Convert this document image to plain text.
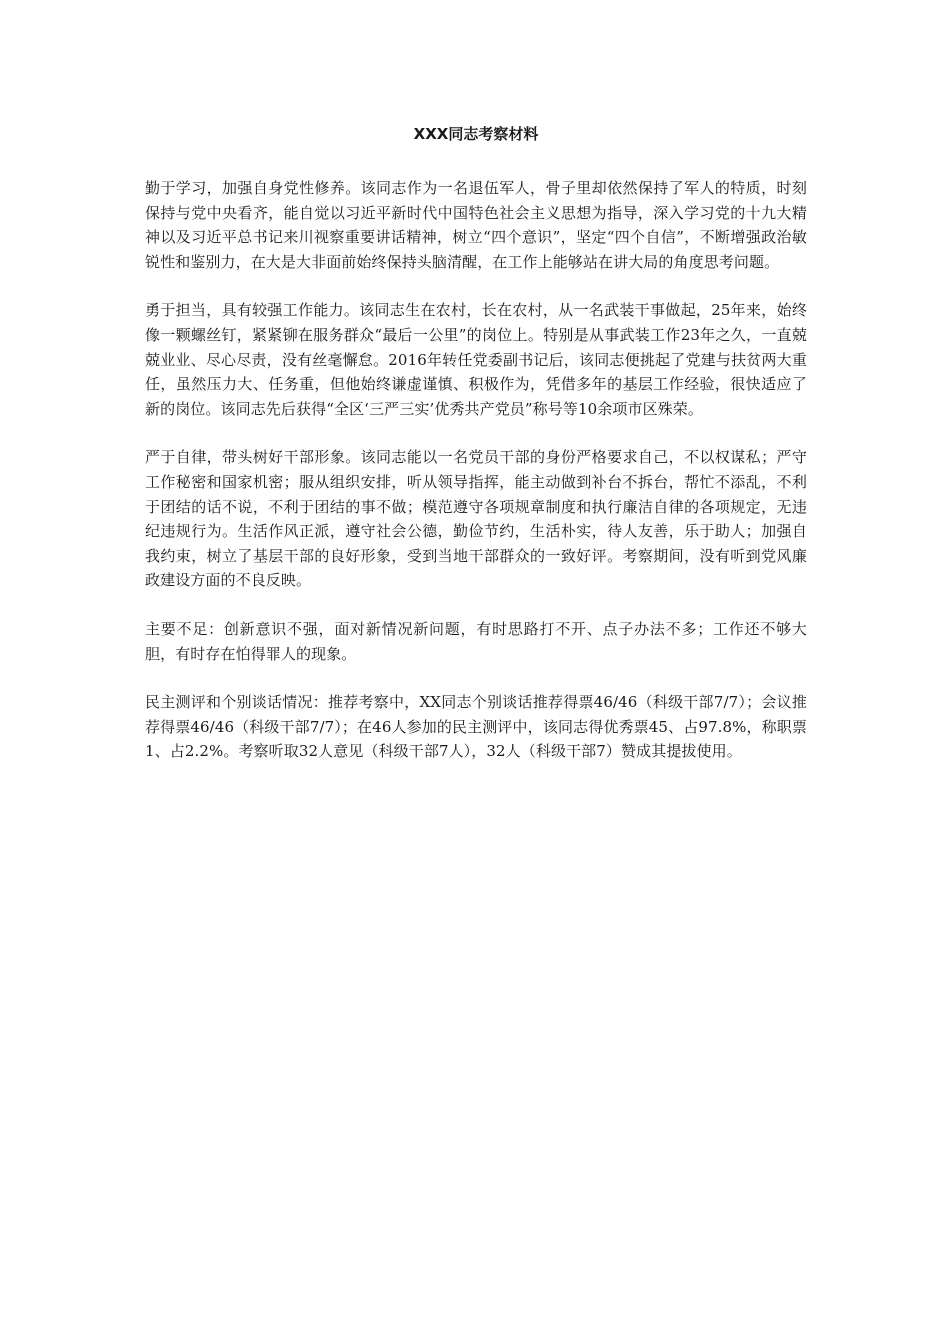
XXX同志考察材料

勤于学习，加强自身党性修养。该同志作为一名退伍军人，骨子里却依然保持了军人的特质，时刻保持与党中央看齐，能自觉以习近平新时代中国特色社会主义思想为指导，深入学习党的十九大精神以及习近平总书记来川视察重要讲话精神，树立“四个意识”，坚定“四个自信”，不断增强政治敏锐性和鉴别力，在大是大非面前始终保持头脑清醒，在工作上能够站在讲大局的角度思考问题。

勇于担当，具有较强工作能力。该同志生在农村，长在农村，从一名武装干事做起，25年来，始终像一颗螺丝钉，紧紧铆在服务群众“最后一公里”的岗位上。特别是从事武装工作23年之久，一直兢兢业业、尽心尽责，没有丝毫懈怠。2016年转任党委副书记后，该同志便挑起了党建与扶贫两大重任，虽然压力大、任务重，但他始终谦虚谨慎、积极作为，凭借多年的基层工作经验，很快适应了新的岗位。该同志先后获得“全区‘三严三实’优秀共产党员”称号等10余项市区殊荣。

严于自律，带头树好干部形象。该同志能以一名党员干部的身份严格要求自己，不以权谋私；严守工作秘密和国家机密；服从组织安排，听从领导指挥，能主动做到补台不拆台，帮忙不添乱，不利于团结的话不说，不利于团结的事不做；模范遵守各项规章制度和执行廉洁自律的各项规定，无违纪违规行为。生活作风正派，遵守社会公德，勤俭节约，生活朴实，待人友善，乐于助人；加强自我约束，树立了基层干部的良好形象，受到当地干部群众的一致好评。考察期间，没有听到党风廉政建设方面的不良反映。

主要不足：创新意识不强，面对新情况新问题，有时思路打不开、点子办法不多；工作还不够大胆，有时存在怕得罪人的现象。

民主测评和个别谈话情况：推荐考察中，XX同志个别谈话推荐得票46/46（科级干部7/7）；会议推荐得票46/46（科级干部7/7）；在46人参加的民主测评中，该同志得优秀票45、占97.8%，称职票1、占2.2%。考察听取32人意见（科级干部7人），32人（科级干部7）赞成其提拔使用。
